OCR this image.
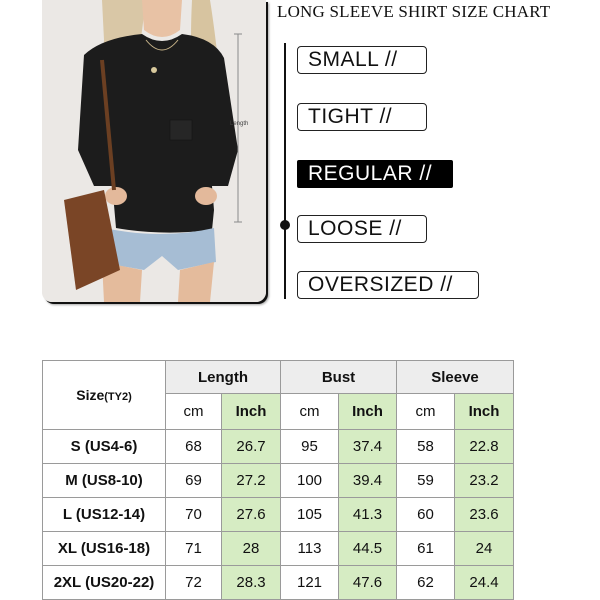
Length
LONG SLEEVE SHIRT SIZE CHART
SMALL //
TIGHT //
REGULAR //
LOOSE //
OVERSIZED //
Size(TY2)	Length		Bust		Sleeve	
	cm	Inch	cm	Inch	cm	Inch
S (US4-6)	68	26.7	95	37.4	58	22.8
M (US8-10)	69	27.2	100	39.4	59	23.2
L (US12-14)	70	27.6	105	41.3	60	23.6
XL (US16-18)	71	28	113	44.5	61	24
2XL (US20-22)	72	28.3	121	47.6	62	24.4
